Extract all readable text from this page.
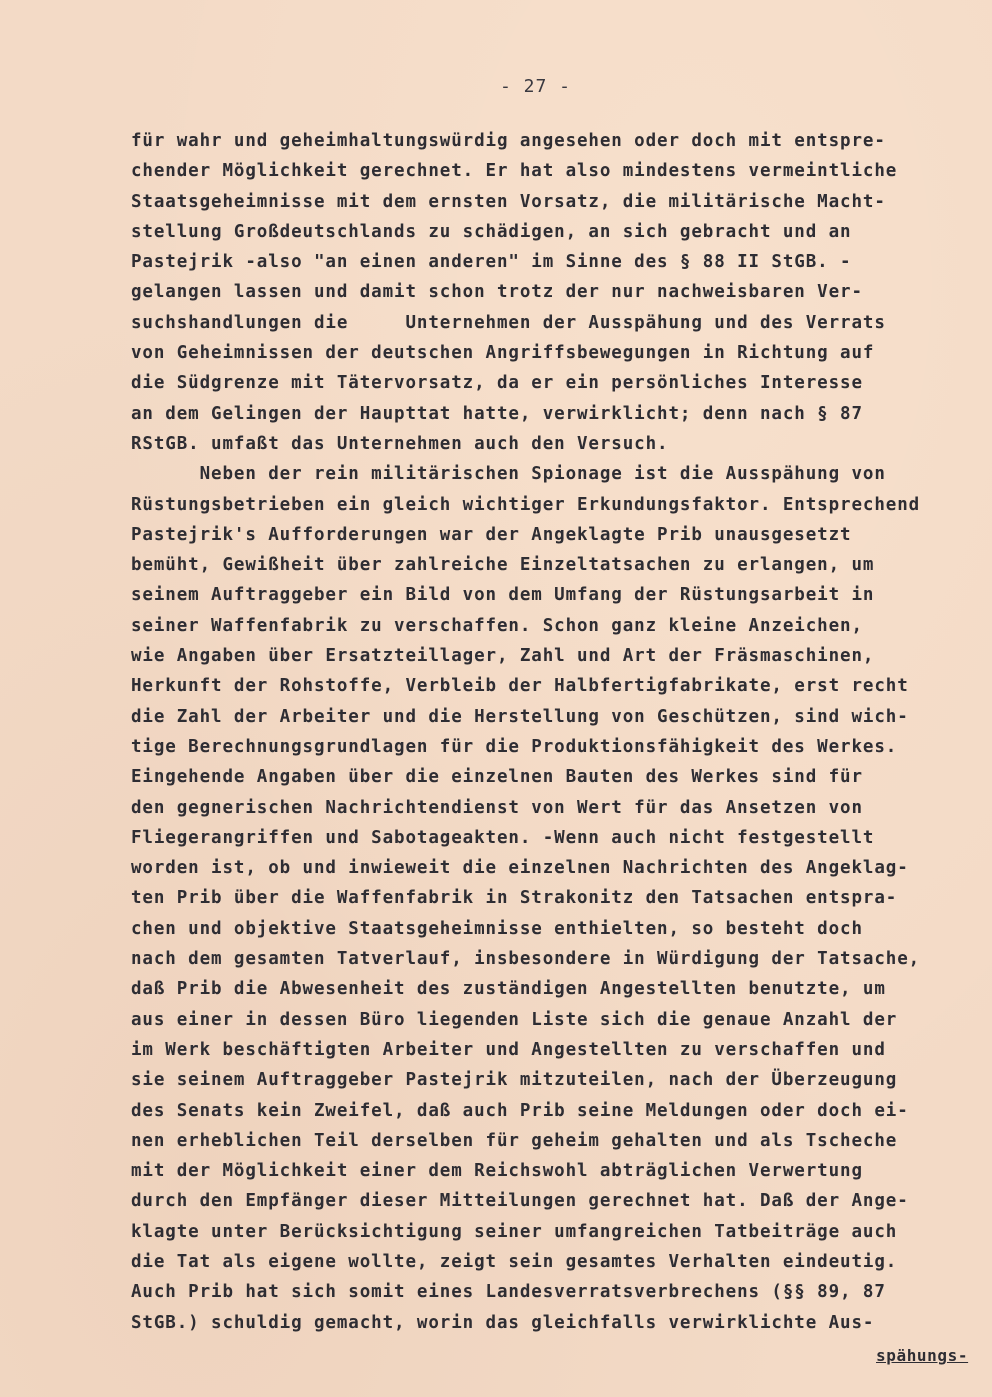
- 27 -
für wahr und geheimhaltungswürdig angesehen oder doch mit entspre-
chender Möglichkeit gerechnet. Er hat also mindestens vermeintliche
Staatsgeheimnisse mit dem ernsten Vorsatz, die militärische Macht-
stellung Großdeutschlands zu schädigen, an sich gebracht und an
Pastejrik -also "an einen anderen" im Sinne des § 88 II StGB. -
gelangen lassen und damit schon trotz der nur nachweisbaren Ver-
suchshandlungen die     Unternehmen der Ausspähung und des Verrats
von Geheimnissen der deutschen Angriffsbewegungen in Richtung auf
die Südgrenze mit Tätervorsatz, da er ein persönliches Interesse
an dem Gelingen der Haupttat hatte, verwirklicht; denn nach § 87
RStGB. umfaßt das Unternehmen auch den Versuch.
Neben der rein militärischen Spionage ist die Ausspähung von
Rüstungsbetrieben ein gleich wichtiger Erkundungsfaktor. Entsprechend
Pastejrik's Aufforderungen war der Angeklagte Prib unausgesetzt
bemüht, Gewißheit über zahlreiche Einzeltatsachen zu erlangen, um
seinem Auftraggeber ein Bild von dem Umfang der Rüstungsarbeit in
seiner Waffenfabrik zu verschaffen. Schon ganz kleine Anzeichen,
wie Angaben über Ersatzteillager, Zahl und Art der Fräsmaschinen,
Herkunft der Rohstoffe, Verbleib der Halbfertigfabrikate, erst recht
die Zahl der Arbeiter und die Herstellung von Geschützen, sind wich-
tige Berechnungsgrundlagen für die Produktionsfähigkeit des Werkes.
Eingehende Angaben über die einzelnen Bauten des Werkes sind für
den gegnerischen Nachrichtendienst von Wert für das Ansetzen von
Fliegerangriffen und Sabotageakten. -Wenn auch nicht festgestellt
worden ist, ob und inwieweit die einzelnen Nachrichten des Angeklag-
ten Prib über die Waffenfabrik in Strakonitz den Tatsachen entspra-
chen und objektive Staatsgeheimnisse enthielten, so besteht doch
nach dem gesamten Tatverlauf, insbesondere in Würdigung der Tatsache,
daß Prib die Abwesenheit des zuständigen Angestellten benutzte, um
aus einer in dessen Büro liegenden Liste sich die genaue Anzahl der
im Werk beschäftigten Arbeiter und Angestellten zu verschaffen und
sie seinem Auftraggeber Pastejrik mitzuteilen, nach der Überzeugung
des Senats kein Zweifel, daß auch Prib seine Meldungen oder doch ei-
nen erheblichen Teil derselben für geheim gehalten und als Tscheche
mit der Möglichkeit einer dem Reichswohl abträglichen Verwertung
durch den Empfänger dieser Mitteilungen gerechnet hat. Daß der Ange-
klagte unter Berücksichtigung seiner umfangreichen Tatbeiträge auch
die Tat als eigene wollte, zeigt sein gesamtes Verhalten eindeutig.
Auch Prib hat sich somit eines Landesverratsverbrechens (§§ 89, 87
StGB.) schuldig gemacht, worin das gleichfalls verwirklichte Aus-
spähungs-
